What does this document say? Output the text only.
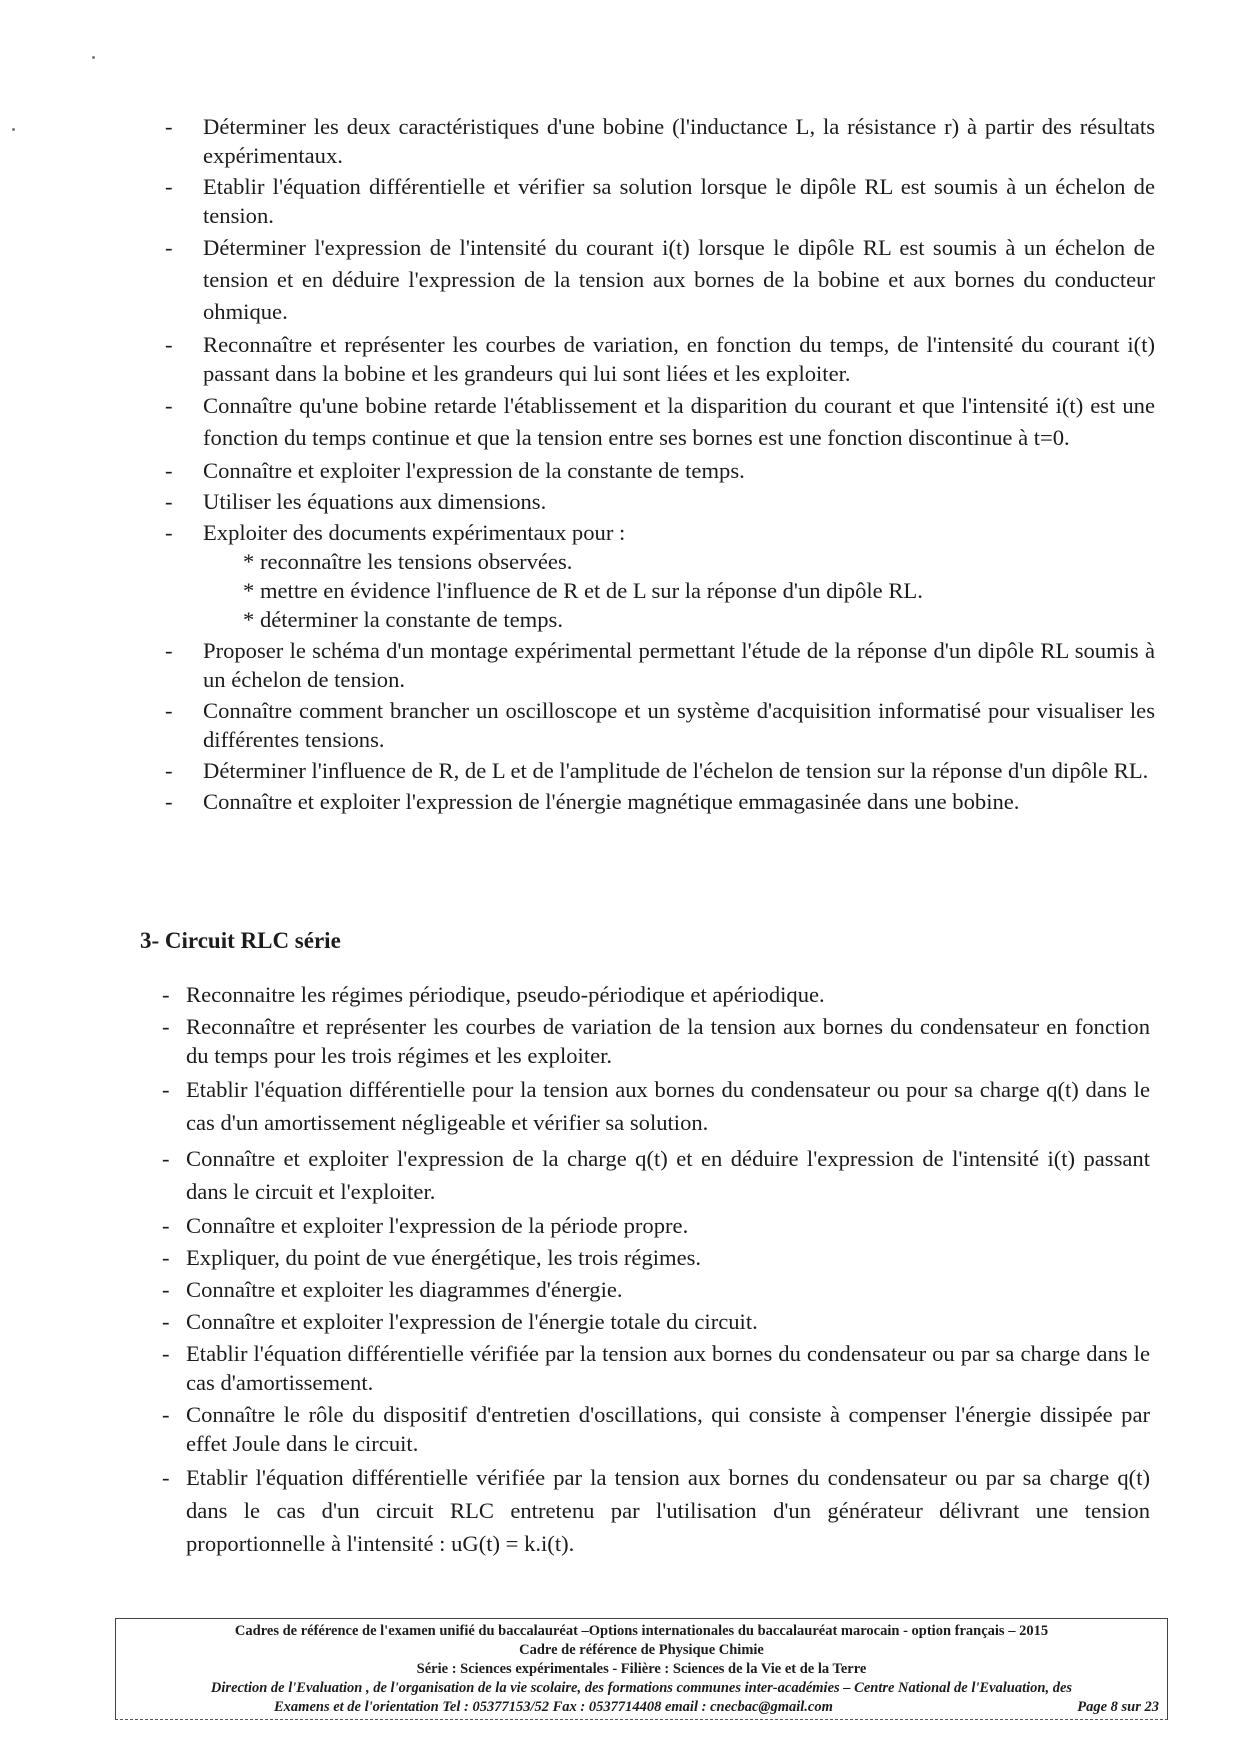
- Déterminer les deux caractéristiques d'une bobine (l'inductance L, la résistance r) à partir des résultats expérimentaux.
- Etablir l'équation différentielle et vérifier sa solution lorsque le dipôle RL est soumis à un échelon de tension.
- Déterminer l'expression de l'intensité du courant i(t) lorsque le dipôle RL est soumis à un échelon de tension et en déduire l'expression de la tension aux bornes de la bobine et aux bornes du conducteur ohmique.
- Reconnaître et représenter les courbes de variation, en fonction du temps, de l'intensité du courant i(t) passant dans la bobine et les grandeurs qui lui sont liées et les exploiter.
- Connaître qu'une bobine retarde l'établissement et la disparition du courant et que l'intensité i(t) est une fonction du temps continue et que la tension entre ses bornes est une fonction discontinue à t=0.
- Connaître et exploiter l'expression de la constante de temps.
- Utiliser les équations aux dimensions.
- Exploiter des documents expérimentaux pour :
* reconnaître les tensions observées.
* mettre en évidence l'influence de R et de L sur la réponse d'un dipôle RL.
* déterminer la constante de temps.
- Proposer le schéma d'un montage expérimental permettant l'étude de la réponse d'un dipôle RL soumis à un échelon de tension.
- Connaître comment brancher un oscilloscope et un système d'acquisition informatisé pour visualiser les différentes tensions.
- Déterminer l'influence de R, de L et de l'amplitude de l'échelon de tension sur la réponse d'un dipôle RL.
- Connaître et exploiter l'expression de l'énergie magnétique emmagasinée dans une bobine.
3- Circuit RLC série
- Reconnaitre les régimes périodique, pseudo-périodique et apériodique.
- Reconnaître et représenter les courbes de variation de la tension aux bornes du condensateur en fonction du temps pour les trois régimes et les exploiter.
- Etablir l'équation différentielle pour la tension aux bornes du condensateur ou pour sa charge q(t) dans le cas d'un amortissement négligeable et vérifier sa solution.
- Connaître et exploiter l'expression de la charge q(t) et en déduire l'expression de l'intensité i(t) passant dans le circuit et l'exploiter.
- Connaître et exploiter l'expression de la période propre.
- Expliquer, du point de vue énergétique, les trois régimes.
- Connaître et exploiter les diagrammes d'énergie.
- Connaître et exploiter l'expression de l'énergie totale du circuit.
- Etablir l'équation différentielle vérifiée par la tension aux bornes du condensateur ou par sa charge dans le cas d'amortissement.
- Connaître le rôle du dispositif d'entretien d'oscillations, qui consiste à compenser l'énergie dissipée par effet Joule dans le circuit.
- Etablir l'équation différentielle vérifiée par la tension aux bornes du condensateur ou par sa charge q(t) dans le cas d'un circuit RLC entretenu par l'utilisation d'un générateur délivrant une tension proportionnelle à l'intensité : uG(t) = k.i(t).
Cadres de référence de l'examen unifié du baccalauréat –Options internationales du baccalauréat marocain - option français – 2015
Cadre de référence de Physique Chimie
Série : Sciences expérimentales - Filière : Sciences de la Vie et de la Terre
Direction de l'Evaluation , de l'organisation de la vie scolaire, des formations communes inter-académies – Centre National de l'Evaluation, des
Examens et de l'orientation Tel : 05377153/52 Fax : 0537714408 email : cnecbac@gmail.com	Page 8 sur 23
